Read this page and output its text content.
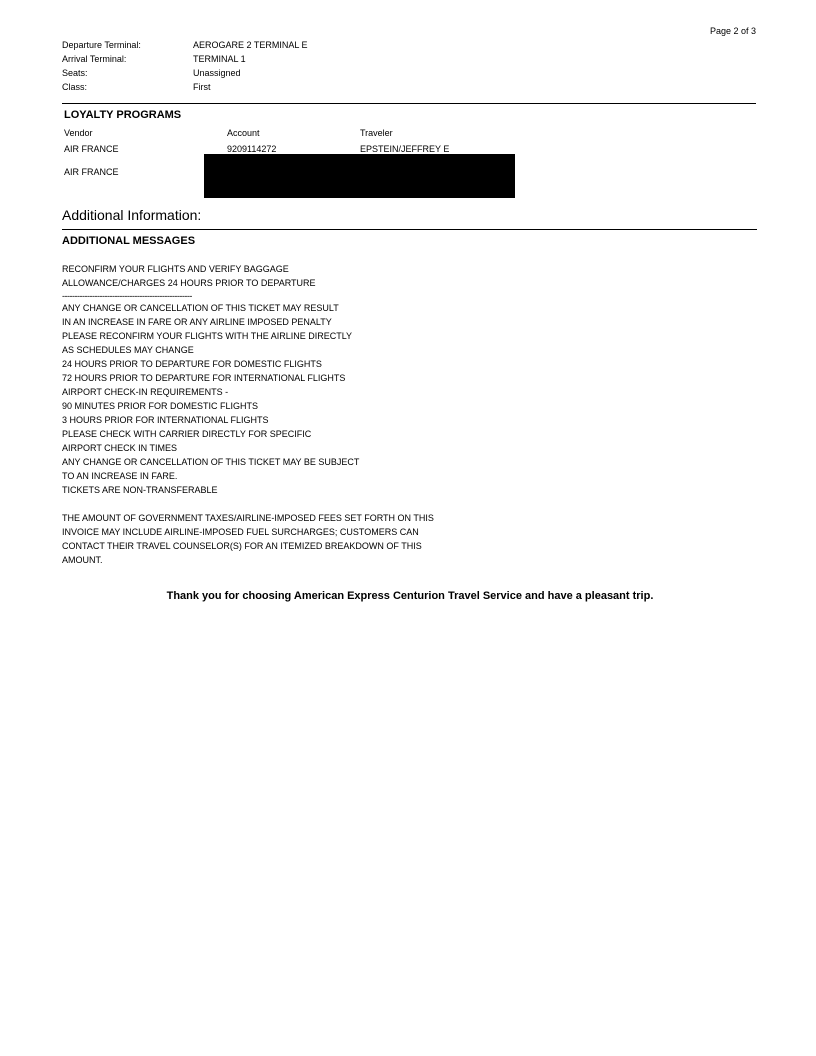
Page 2 of 3
Departure Terminal:	AEROGARE 2 TERMINAL E
Arrival Terminal:	TERMINAL 1
Seats:	Unassigned
Class:	First
LOYALTY PROGRAMS
Vendor	Account	Traveler
AIR FRANCE	9209114272	EPSTEIN/JEFFREY E
AIR FRANCE
Additional Information:
ADDITIONAL MESSAGES
RECONFIRM YOUR FLIGHTS AND VERIFY BAGGAGE
ALLOWANCE/CHARGES 24 HOURS PRIOR TO DEPARTURE
----------------------------------------------------
ANY CHANGE OR CANCELLATION OF THIS TICKET MAY RESULT
IN AN INCREASE IN FARE OR ANY AIRLINE IMPOSED PENALTY
PLEASE RECONFIRM YOUR FLIGHTS WITH THE AIRLINE DIRECTLY
AS SCHEDULES MAY CHANGE
24 HOURS PRIOR TO DEPARTURE FOR DOMESTIC FLIGHTS
72 HOURS PRIOR TO DEPARTURE FOR INTERNATIONAL FLIGHTS
AIRPORT CHECK-IN REQUIREMENTS -
90 MINUTES PRIOR FOR DOMESTIC FLIGHTS
3 HOURS PRIOR FOR INTERNATIONAL FLIGHTS
PLEASE CHECK WITH CARRIER DIRECTLY FOR SPECIFIC
AIRPORT CHECK IN TIMES
ANY CHANGE OR CANCELLATION OF THIS TICKET MAY BE SUBJECT
TO AN INCREASE IN FARE.
TICKETS ARE NON-TRANSFERABLE
THE AMOUNT OF GOVERNMENT TAXES/AIRLINE-IMPOSED FEES SET FORTH ON THIS
INVOICE MAY INCLUDE AIRLINE-IMPOSED FUEL SURCHARGES; CUSTOMERS CAN
CONTACT THEIR TRAVEL COUNSELOR(S) FOR AN ITEMIZED BREAKDOWN OF THIS
AMOUNT.
Thank you for choosing American Express Centurion Travel Service and have a pleasant trip.
